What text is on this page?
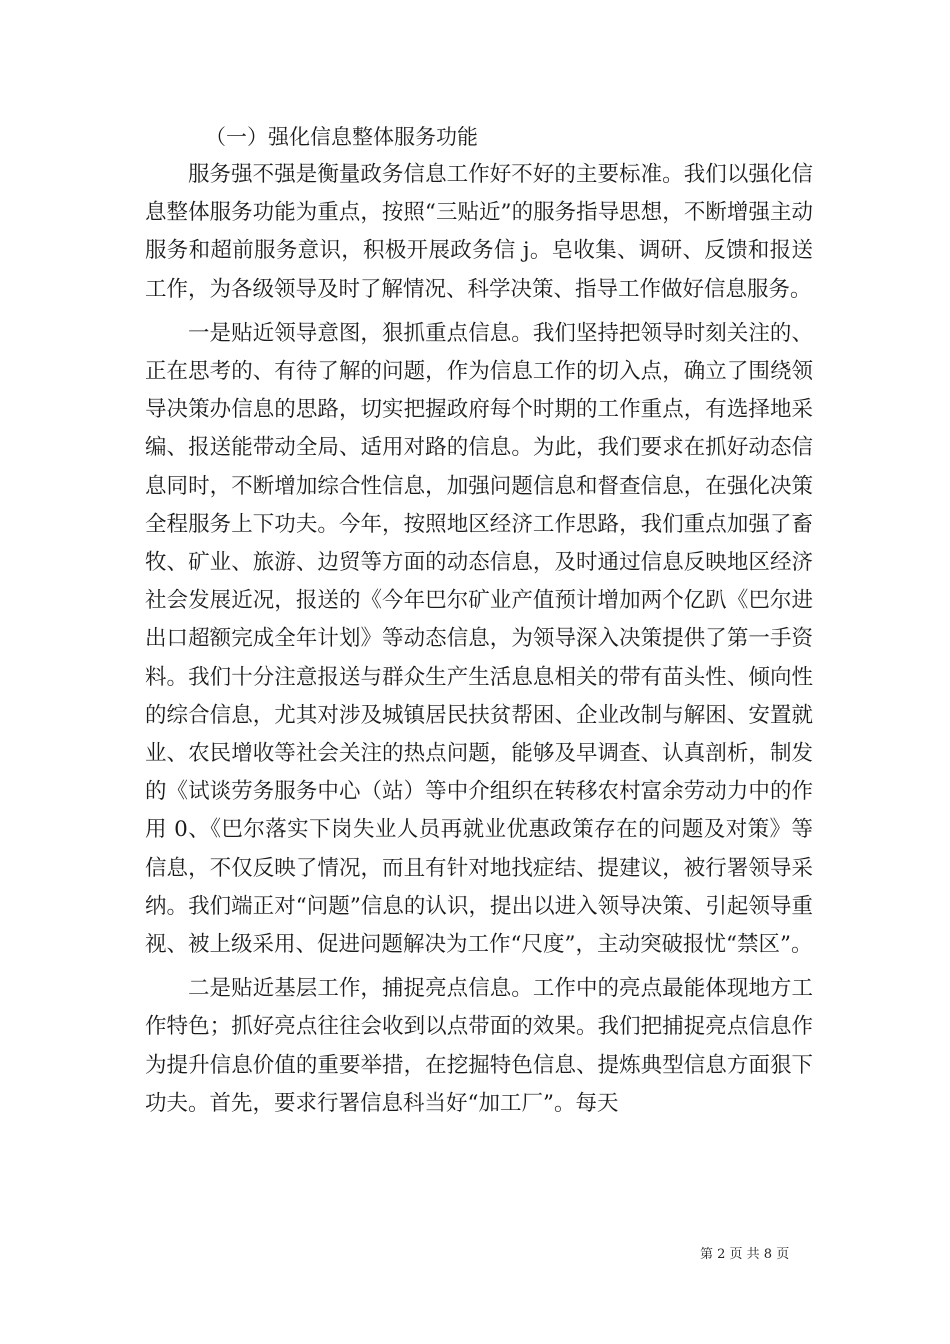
（一）强化信息整体服务功能

服务强不强是衡量政务信息工作好不好的主要标准。我们以强化信息整体服务功能为重点，按照“三贴近”的服务指导思想，不断增强主动服务和超前服务意识，积极开展政务信 j。皂收集、调研、反馈和报送工作，为各级领导及时了解情况、科学决策、指导工作做好信息服务。

一是贴近领导意图，狠抓重点信息。我们坚持把领导时刻关注的、正在思考的、有待了解的问题，作为信息工作的切入点，确立了围绕领导决策办信息的思路，切实把握政府每个时期的工作重点，有选择地采编、报送能带动全局、适用对路的信息。为此，我们要求在抓好动态信息同时，不断增加综合性信息，加强问题信息和督查信息，在强化决策全程服务上下功夫。今年，按照地区经济工作思路，我们重点加强了畜牧、矿业、旅游、边贸等方面的动态信息，及时通过信息反映地区经济社会发展近况，报送的《今年巴尔矿业产值预计增加两个亿趴《巴尔进出口超额完成全年计划》等动态信息，为领导深入决策提供了第一手资料。我们十分注意报送与群众生产生活息息相关的带有苗头性、倾向性的综合信息，尤其对涉及城镇居民扶贫帮困、企业改制与解困、安置就业、农民增收等社会关注的热点问题，能够及早调查、认真剖析，制发的《试谈劳务服务中心（站）等中介组织在转移农村富余劳动力中的作用 0、《巴尔落实下岗失业人员再就业优惠政策存在的问题及对策》等信息，不仅反映了情况，而且有针对地找症结、提建议，被行署领导采纳。我们端正对“问题”信息的认识，提出以进入领导决策、引起领导重视、被上级采用、促进问题解决为工作“尺度”，主动突破报忧“禁区”。

二是贴近基层工作，捕捉亮点信息。工作中的亮点最能体现地方工作特色；抓好亮点往往会收到以点带面的效果。我们把捕捉亮点信息作为提升信息价值的重要举措，在挖掘特色信息、提炼典型信息方面狠下功夫。首先，要求行署信息科当好“加工厂”。每天

第 2 页 共 8 页
